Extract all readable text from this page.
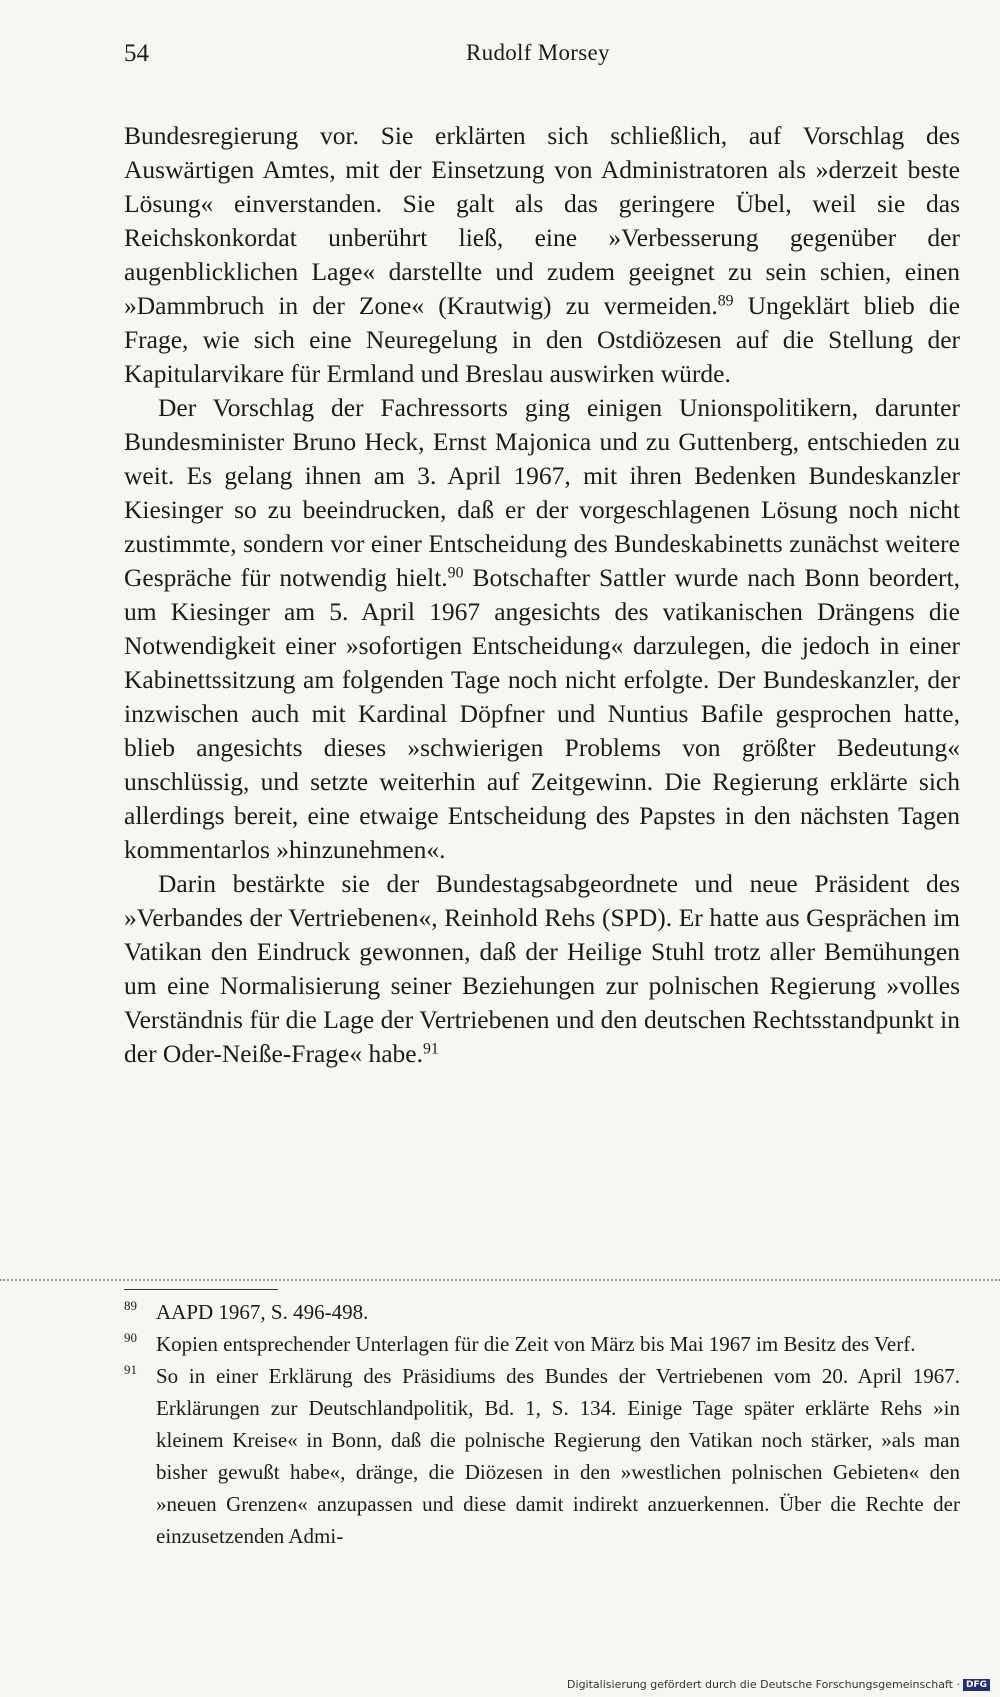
54	Rudolf Morsey

Bundesregierung vor. Sie erklärten sich schließlich, auf Vorschlag des Auswärtigen Amtes, mit der Einsetzung von Administratoren als »derzeit beste Lösung« einverstanden. Sie galt als das geringere Übel, weil sie das Reichskonkordat unberührt ließ, eine »Verbesserung gegenüber der augenblicklichen Lage« darstellte und zudem geeignet zu sein schien, einen »Dammbruch in der Zone« (Krautwig) zu vermeiden.$^{89}$ Ungeklärt blieb die Frage, wie sich eine Neuregelung in den Ostdiözesen auf die Stellung der Kapitularvikare für Ermland und Breslau auswirken würde.

Der Vorschlag der Fachressorts ging einigen Unionspolitikern, darunter Bundesminister Bruno Heck, Ernst Majonica und zu Guttenberg, entschieden zu weit. Es gelang ihnen am 3. April 1967, mit ihren Bedenken Bundeskanzler Kiesinger so zu beeindrucken, daß er der vorgeschlagenen Lösung noch nicht zustimmte, sondern vor einer Entscheidung des Bundeskabinetts zunächst weitere Gespräche für notwendig hielt.$^{90}$ Botschafter Sattler wurde nach Bonn beordert, um Kiesinger am 5. April 1967 angesichts des vatikanischen Drängens die Notwendigkeit einer »sofortigen Entscheidung« darzulegen, die jedoch in einer Kabinettssitzung am folgenden Tage noch nicht erfolgte. Der Bundeskanzler, der inzwischen auch mit Kardinal Döpfner und Nuntius Bafile gesprochen hatte, blieb angesichts dieses »schwierigen Problems von größter Bedeutung« unschlüssig, und setzte weiterhin auf Zeitgewinn. Die Regierung erklärte sich allerdings bereit, eine etwaige Entscheidung des Papstes in den nächsten Tagen kommentarlos »hinzunehmen«.

Darin bestärkte sie der Bundestagsabgeordnete und neue Präsident des »Verbandes der Vertriebenen«, Reinhold Rehs (SPD). Er hatte aus Gesprächen im Vatikan den Eindruck gewonnen, daß der Heilige Stuhl trotz aller Bemühungen um eine Normalisierung seiner Beziehungen zur polnischen Regierung »volles Verständnis für die Lage der Vertriebenen und den deutschen Rechtsstandpunkt in der Oder-Neiße-Frage« habe.$^{91}$

89 AAPD 1967, S. 496-498.
90 Kopien entsprechender Unterlagen für die Zeit von März bis Mai 1967 im Besitz des Verf.
91 So in einer Erklärung des Präsidiums des Bundes der Vertriebenen vom 20. April 1967. Erklärungen zur Deutschlandpolitik, Bd. 1, S. 134. Einige Tage später erklärte Rehs »in kleinem Kreise« in Bonn, daß die polnische Regierung den Vatikan noch stärker, »als man bisher gewußt habe«, dränge, die Diözesen in den »westlichen polnischen Gebieten« den »neuen Grenzen« anzupassen und diese damit indirekt anzuerkennen. Über die Rechte der einzusetzenden Admi-
Digitalisierung gefördert durch die Deutsche Forschungsgemeinschaft · DFG
